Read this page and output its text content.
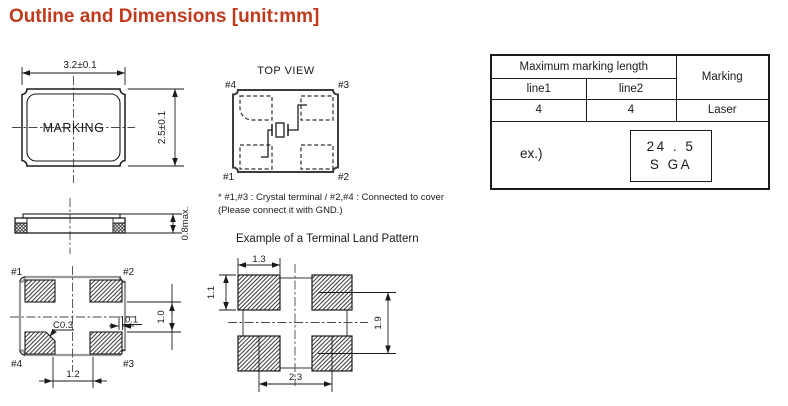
Outline and Dimensions [unit:mm]
MARKING
3.2±0.1
2.5±0.1
TOP VIEW
#4	#3
#1	#2
* #1,#3 : Crystal terminal / #2,#4 : Connected to cover
(Please connect it with GND.)
Maximum marking length		Marking
line1	line2	
4	4	Laser

ex.) 24 . 5
S GA		
0.8max.
#1	#2
#4	#3
C0.3	0.1 1.0
1.2
Example of a Terminal Land Pattern
1.3
1.1
1.9
2.3
